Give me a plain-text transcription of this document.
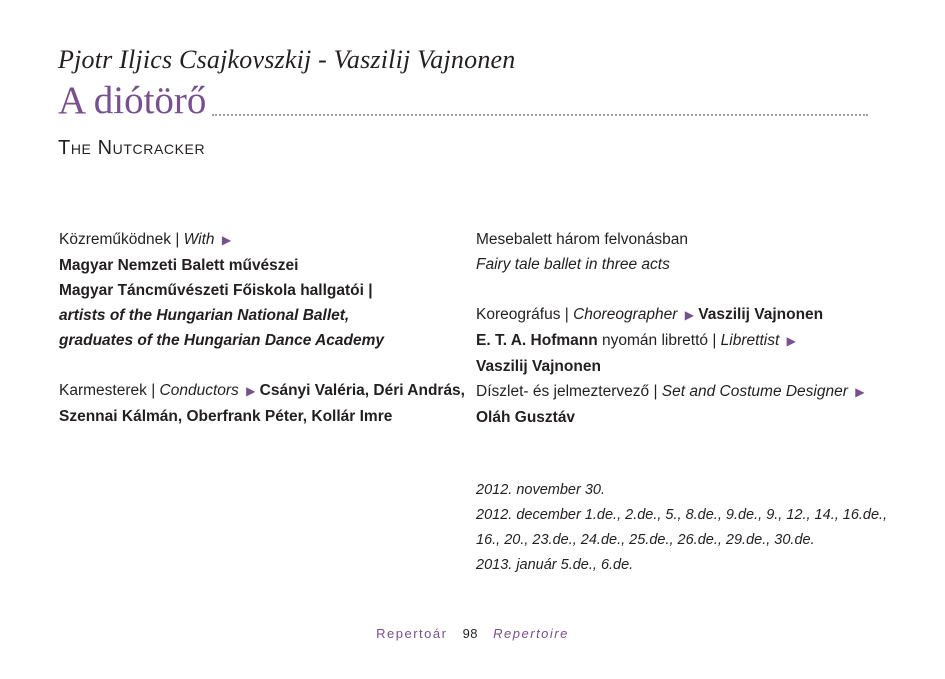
Pjotr Iljics Csajkovszkij - Vaszilij Vajnonen
A diótörő
The Nutcracker

Közreműködnek | With ▶

Magyar Nemzeti Balett művészei

Magyar Táncművészeti Főiskola hallgatói |

artists of the Hungarian National Ballet,

graduates of the Hungarian Dance Academy

Karmesterek | Conductors ▶ Csányi Valéria, Déri András,

Szennai Kálmán, Oberfrank Péter, Kollár Imre

Mesebalett három felvonásban

Fairy tale ballet in three acts

Koreográfus | Choreographer ▶ Vaszilij Vajnonen

E. T. A. Hofmann nyomán librettó | Librettist ▶

Vaszilij Vajnonen

Díszlet- és jelmeztervező | Set and Costume Designer ▶

Oláh Gusztáv

2012. november 30.

2012. december 1.de., 2.de., 5., 8.de., 9.de., 9., 12., 14., 16.de.,

16., 20., 23.de., 24.de., 25.de., 26.de., 29.de., 30.de.

2013. január 5.de., 6.de.

Repertoár 98 Repertoire
